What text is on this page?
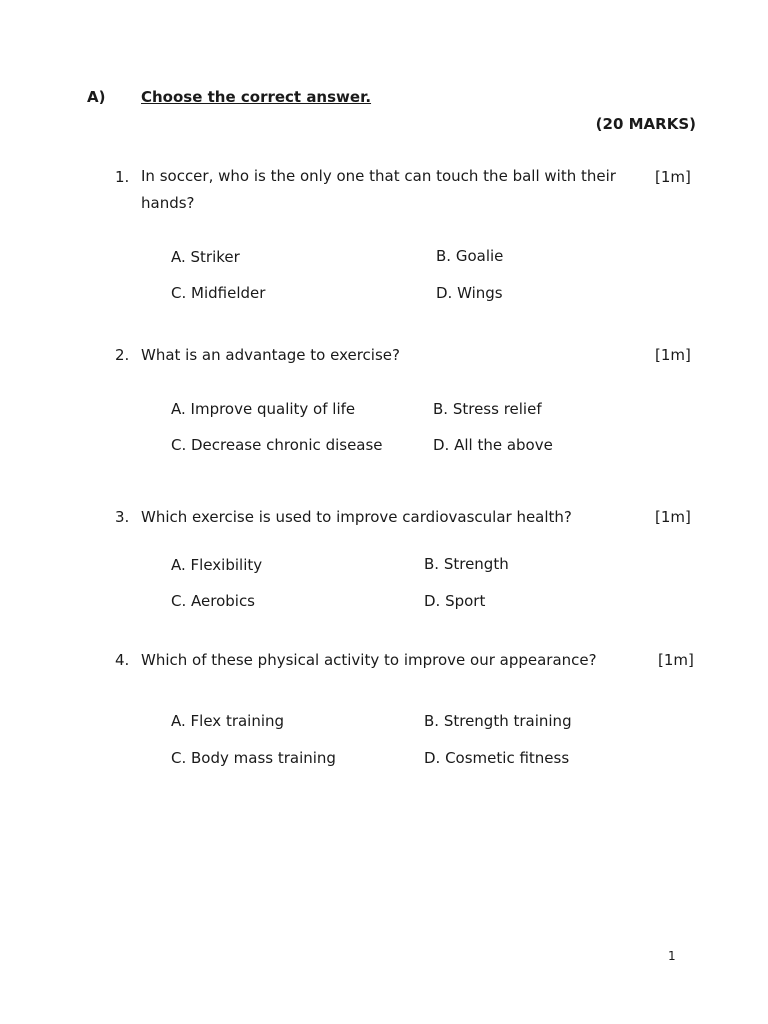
A) Choose the correct answer.
(20 MARKS)
1. In soccer, who is the only one that can touch the ball with their
hands?
[1m]
A. Striker	B. Goalie
C. Midfielder	D. Wings
2. What is an advantage to exercise?	[1m]
A. Improve quality of life	B. Stress relief
C. Decrease chronic disease	D. All the above
3. Which exercise is used to improve cardiovascular health?	[1m]
A. Flexibility	B. Strength
C. Aerobics	D. Sport
4. Which of these physical activity to improve our appearance?	[1m]
A. Flex training	B. Strength training
C. Body mass training	D. Cosmetic fitness
1
